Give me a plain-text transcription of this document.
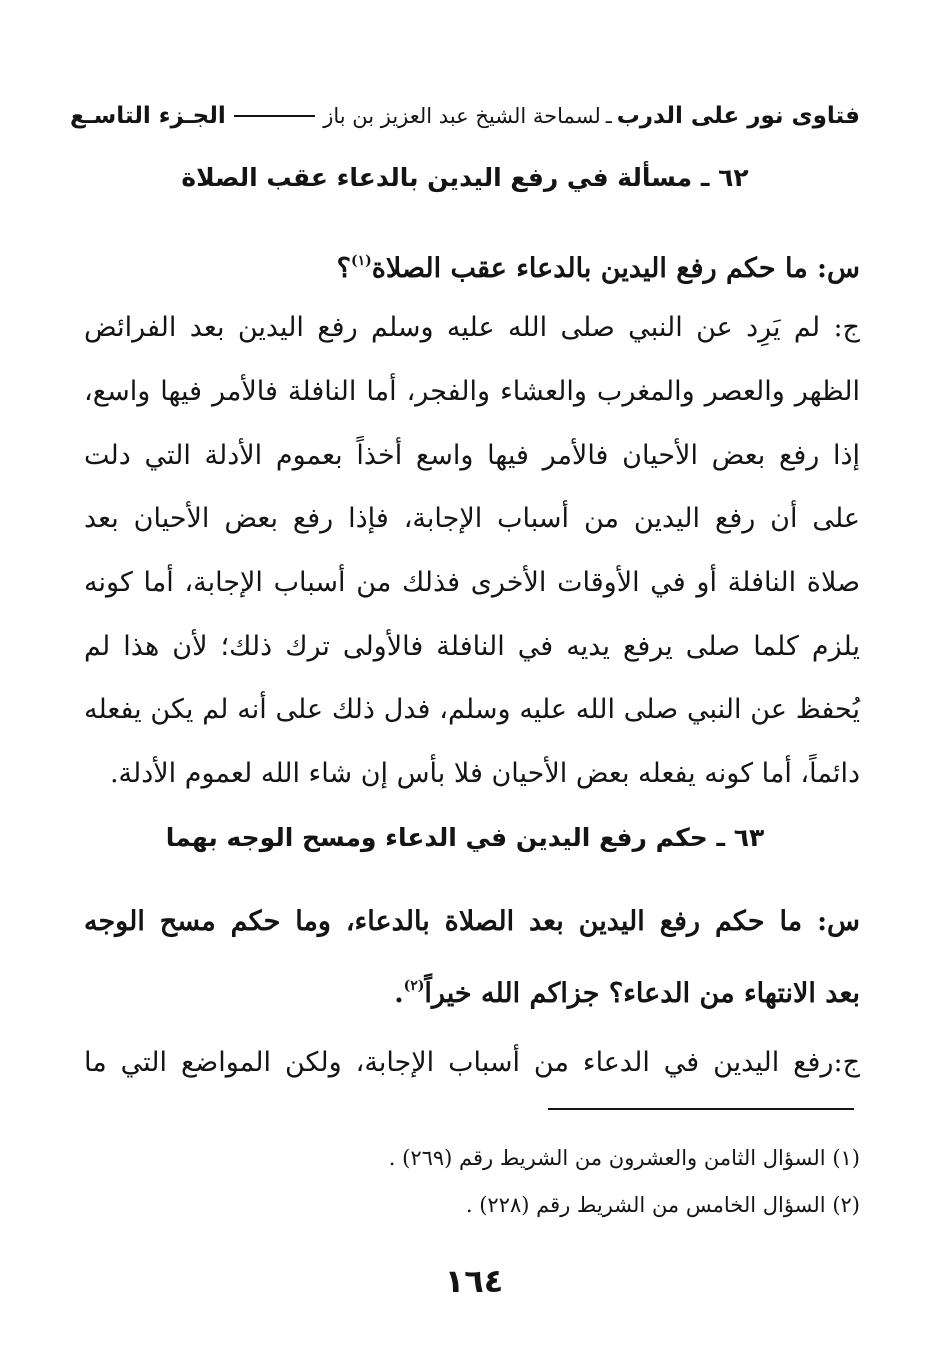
فتاوى نور على الدرب
ـ
لسماحة الشيخ عبد العزيز بن باز
الجـزء التاسـع
٦٢ ـ مسألة في رفع اليدين بالدعاء عقب الصلاة
س: ما حكم رفع اليدين بالدعاء عقب الصلاة$^{(١)}$؟
ج: لم يَرِد عن النبي صلى الله عليه وسلم رفع اليدين بعد الفرائض
الظهر والعصر والمغرب والعشاء والفجر، أما النافلة فالأمر فيها واسع،
إذا رفع بعض الأحيان فالأمر فيها واسع أخذاً بعموم الأدلة التي دلت
على أن رفع اليدين من أسباب الإجابة، فإذا رفع بعض الأحيان بعد
صلاة النافلة أو في الأوقات الأخرى فذلك من أسباب الإجابة، أما كونه
يلزم كلما صلى يرفع يديه في النافلة فالأولى ترك ذلك؛ لأن هذا لم
يُحفظ عن النبي صلى الله عليه وسلم، فدل ذلك على أنه لم يكن يفعله
دائماً، أما كونه يفعله بعض الأحيان فلا بأس إن شاء الله لعموم الأدلة.
٦٣ ـ حكم رفع اليدين في الدعاء ومسح الوجه بهما
س: ما حكم رفع اليدين بعد الصلاة بالدعاء، وما حكم مسح الوجه
بعد الانتهاء من الدعاء؟ جزاكم الله خيراً$^{(٢)}$.
ج:رفع اليدين في الدعاء من أسباب الإجابة، ولكن المواضع التي ما
(١) السؤال الثامن والعشرون من الشريط رقم (٢٦٩) .
(٢) السؤال الخامس من الشريط رقم (٢٢٨) .
١٦٤
